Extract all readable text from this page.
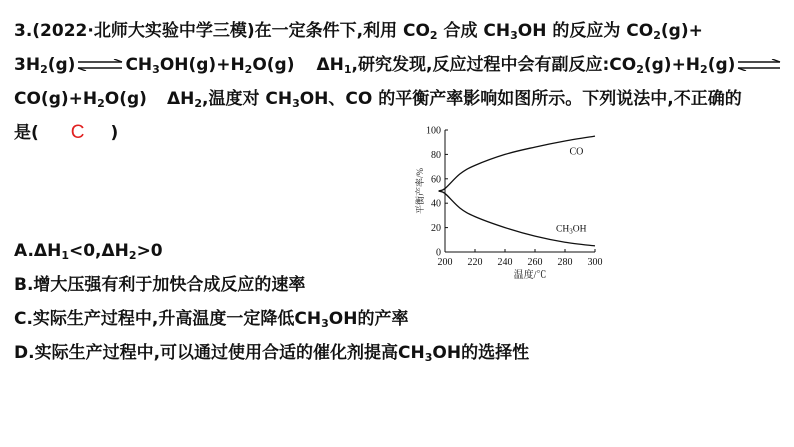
3.(2022·北师大实验中学三模)在一定条件下,利用 $CO_2$ 合成 $CH_3OH$ 的反应为 $CO_2(g)+$
$3H_2(g)$ ⇌ $CH_3OH(g)+H_2O(g)$ $\Delta H_1$,研究发现,反应过程中会有副反应$:CO_2(g)+H_2(g)$ ⇌
$CO(g)+H_2O(g)$ $\Delta H_2$,温度对 $CH_3OH$、CO 的平衡产率影响如图所示。下列说法中,不正确的
是( C )
200 220 240 260 280 300
0
20
40
60
80
100
温度/℃
平衡产率/%
CO
$CH_3OH$
$A.\Delta H_1<0,\Delta H_2>0$
B.增大压强有利于加快合成反应的速率
C.实际生产过程中,升高温度一定降低$CH_3OH$的产率
D.实际生产过程中,可以通过使用合适的催化剂提高$CH_3OH$的选择性
